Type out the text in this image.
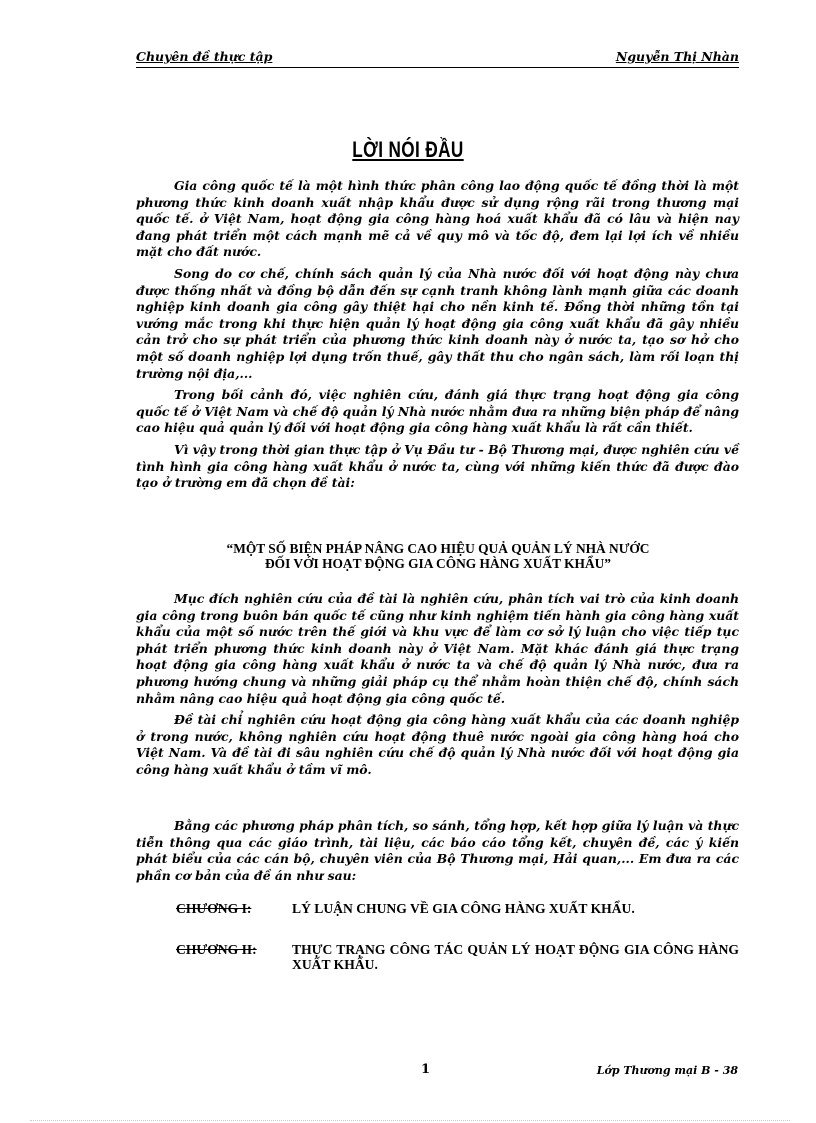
Chuyên đề thực tập	Nguyễn Thị Nhàn
LỜI NÓI ĐẦU

Gia công quốc tế là một hình thức phân công lao động quốc tế đồng thời là một phương thức kinh doanh xuất nhập khẩu được sử dụng rộng rãi trong thương mại quốc tế. ở Việt Nam, hoạt động gia công hàng hoá xuất khẩu đã có lâu và hiện nay đang phát triển một cách mạnh mẽ cả về quy mô và tốc độ, đem lại lợi ích về nhiều mặt cho đất nước.

Song do cơ chế, chính sách quản lý của Nhà nước đối với hoạt động này chưa được thống nhất và đồng bộ dẫn đến sự cạnh tranh không lành mạnh giữa các doanh nghiệp kinh doanh gia công gây thiệt hại cho nền kinh tế. Đồng thời những tồn tại vướng mắc trong khi thực hiện quản lý hoạt động gia công xuất khẩu đã gây nhiều cản trở cho sự phát triển của phương thức kinh doanh này ở nước ta, tạo sơ hở cho một số doanh nghiệp lợi dụng trốn thuế, gây thất thu cho ngân sách, làm rối loạn thị trường nội địa,...

Trong bối cảnh đó, việc nghiên cứu, đánh giá thực trạng hoạt động gia công quốc tế ở Việt Nam và chế độ quản lý Nhà nước nhằm đưa ra những biện pháp để nâng cao hiệu quả quản lý đối với hoạt động gia công hàng xuất khẩu là rất cần thiết.

Vì vậy trong thời gian thực tập ở Vụ Đầu tư - Bộ Thương mại, được nghiên cứu về tình hình gia công hàng xuất khẩu ở nước ta, cùng với những kiến thức đã được đào tạo ở trường em đã chọn đề tài:

“MỘT SỐ BIỆN PHÁP NÂNG CAO HIỆU QUẢ QUẢN LÝ NHÀ NƯỚC
ĐỐI VỚI HOẠT ĐỘNG GIA CÔNG HÀNG XUẤT KHẨU”

Mục đích nghiên cứu của đề tài là nghiên cứu, phân tích vai trò của kinh doanh gia công trong buôn bán quốc tế cũng như kinh nghiệm tiến hành gia công hàng xuất khẩu của một số nước trên thế giới và khu vực để làm cơ sở lý luận cho việc tiếp tục phát triển phương thức kinh doanh này ở Việt Nam. Mặt khác đánh giá thực trạng hoạt động gia công hàng xuất khẩu ở nước ta và chế độ quản lý Nhà nước, đưa ra phương hướng chung và những giải pháp cụ thể nhằm hoàn thiện chế độ, chính sách nhằm nâng cao hiệu quả hoạt động gia công quốc tế.

Đề tài chỉ nghiên cứu hoạt động gia công hàng xuất khẩu của các doanh nghiệp ở trong nước, không nghiên cứu hoạt động thuê nước ngoài gia công hàng hoá cho Việt Nam. Và đề tài đi sâu nghiên cứu chế độ quản lý Nhà nước đối với hoạt động gia công hàng xuất khẩu ở tầm vĩ mô.

Bằng các phương pháp phân tích, so sánh, tổng hợp, kết hợp giữa lý luận và thực tiễn thông qua các giáo trình, tài liệu, các báo cáo tổng kết, chuyên đề, các ý kiến phát biểu của các cán bộ, chuyên viên của Bộ Thương mại, Hải quan,... Em đưa ra các phần cơ bản của đề án như sau:

CHƯƠNG I:	LÝ LUẬN CHUNG VỀ GIA CÔNG HÀNG XUẤT KHẨU.
CHƯƠNG II:	THỰC TRẠNG CÔNG TÁC QUẢN LÝ HOẠT ĐỘNG GIA CÔNG HÀNG XUẤT KHẨU.
1	Lớp Thương mại B - 38
